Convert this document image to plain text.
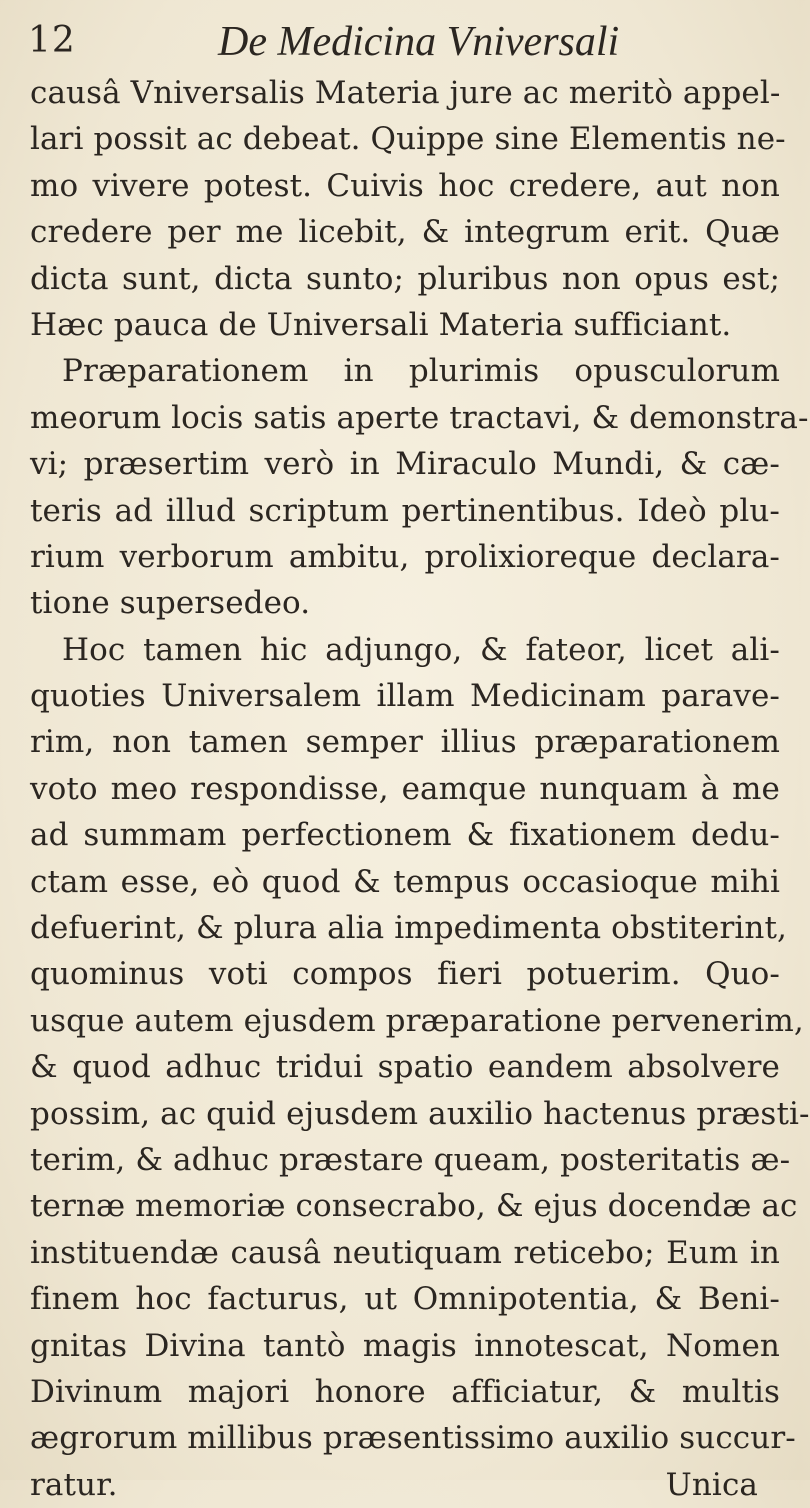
12	De Medicina Vniversali
causâ Vniversalis Materia jure ac meritò appel-
lari possit ac debeat. Quippe sine Elementis ne-
mo vivere potest. Cuivis hoc credere, aut non
credere per me licebit, & integrum erit. Quæ
dicta sunt, dicta sunto; pluribus non opus est;
Hæc pauca de Universali Materia sufficiant.
Præparationem in plurimis opusculorum
meorum locis satis aperte tractavi, & demonstra-
vi; præsertim verò in Miraculo Mundi, & cæ-
teris ad illud scriptum pertinentibus. Ideò plu-
rium verborum ambitu, prolixioreque declara-
tione supersedeo.
Hoc tamen hic adjungo, & fateor, licet ali-
quoties Universalem illam Medicinam parave-
rim, non tamen semper illius præparationem
voto meo respondisse, eamque nunquam à me
ad summam perfectionem & fixationem dedu-
ctam esse, eò quod & tempus occasioque mihi
defuerint, & plura alia impedimenta obstiterint,
quominus voti compos fieri potuerim. Quo-
usque autem ejusdem præparatione pervenerim,
& quod adhuc tridui spatio eandem absolvere
possim, ac quid ejusdem auxilio hactenus præsti-
terim, & adhuc præstare queam, posteritatis æ-
ternæ memoriæ consecrabo, & ejus docendæ ac
instituendæ causâ neutiquam reticebo; Eum in
finem hoc facturus, ut Omnipotentia, & Beni-
gnitas Divina tantò magis innotescat, Nomen
Divinum majori honore afficiatur, & multis
ægrorum millibus præsentissimo auxilio succur-
ratur.	Unica
